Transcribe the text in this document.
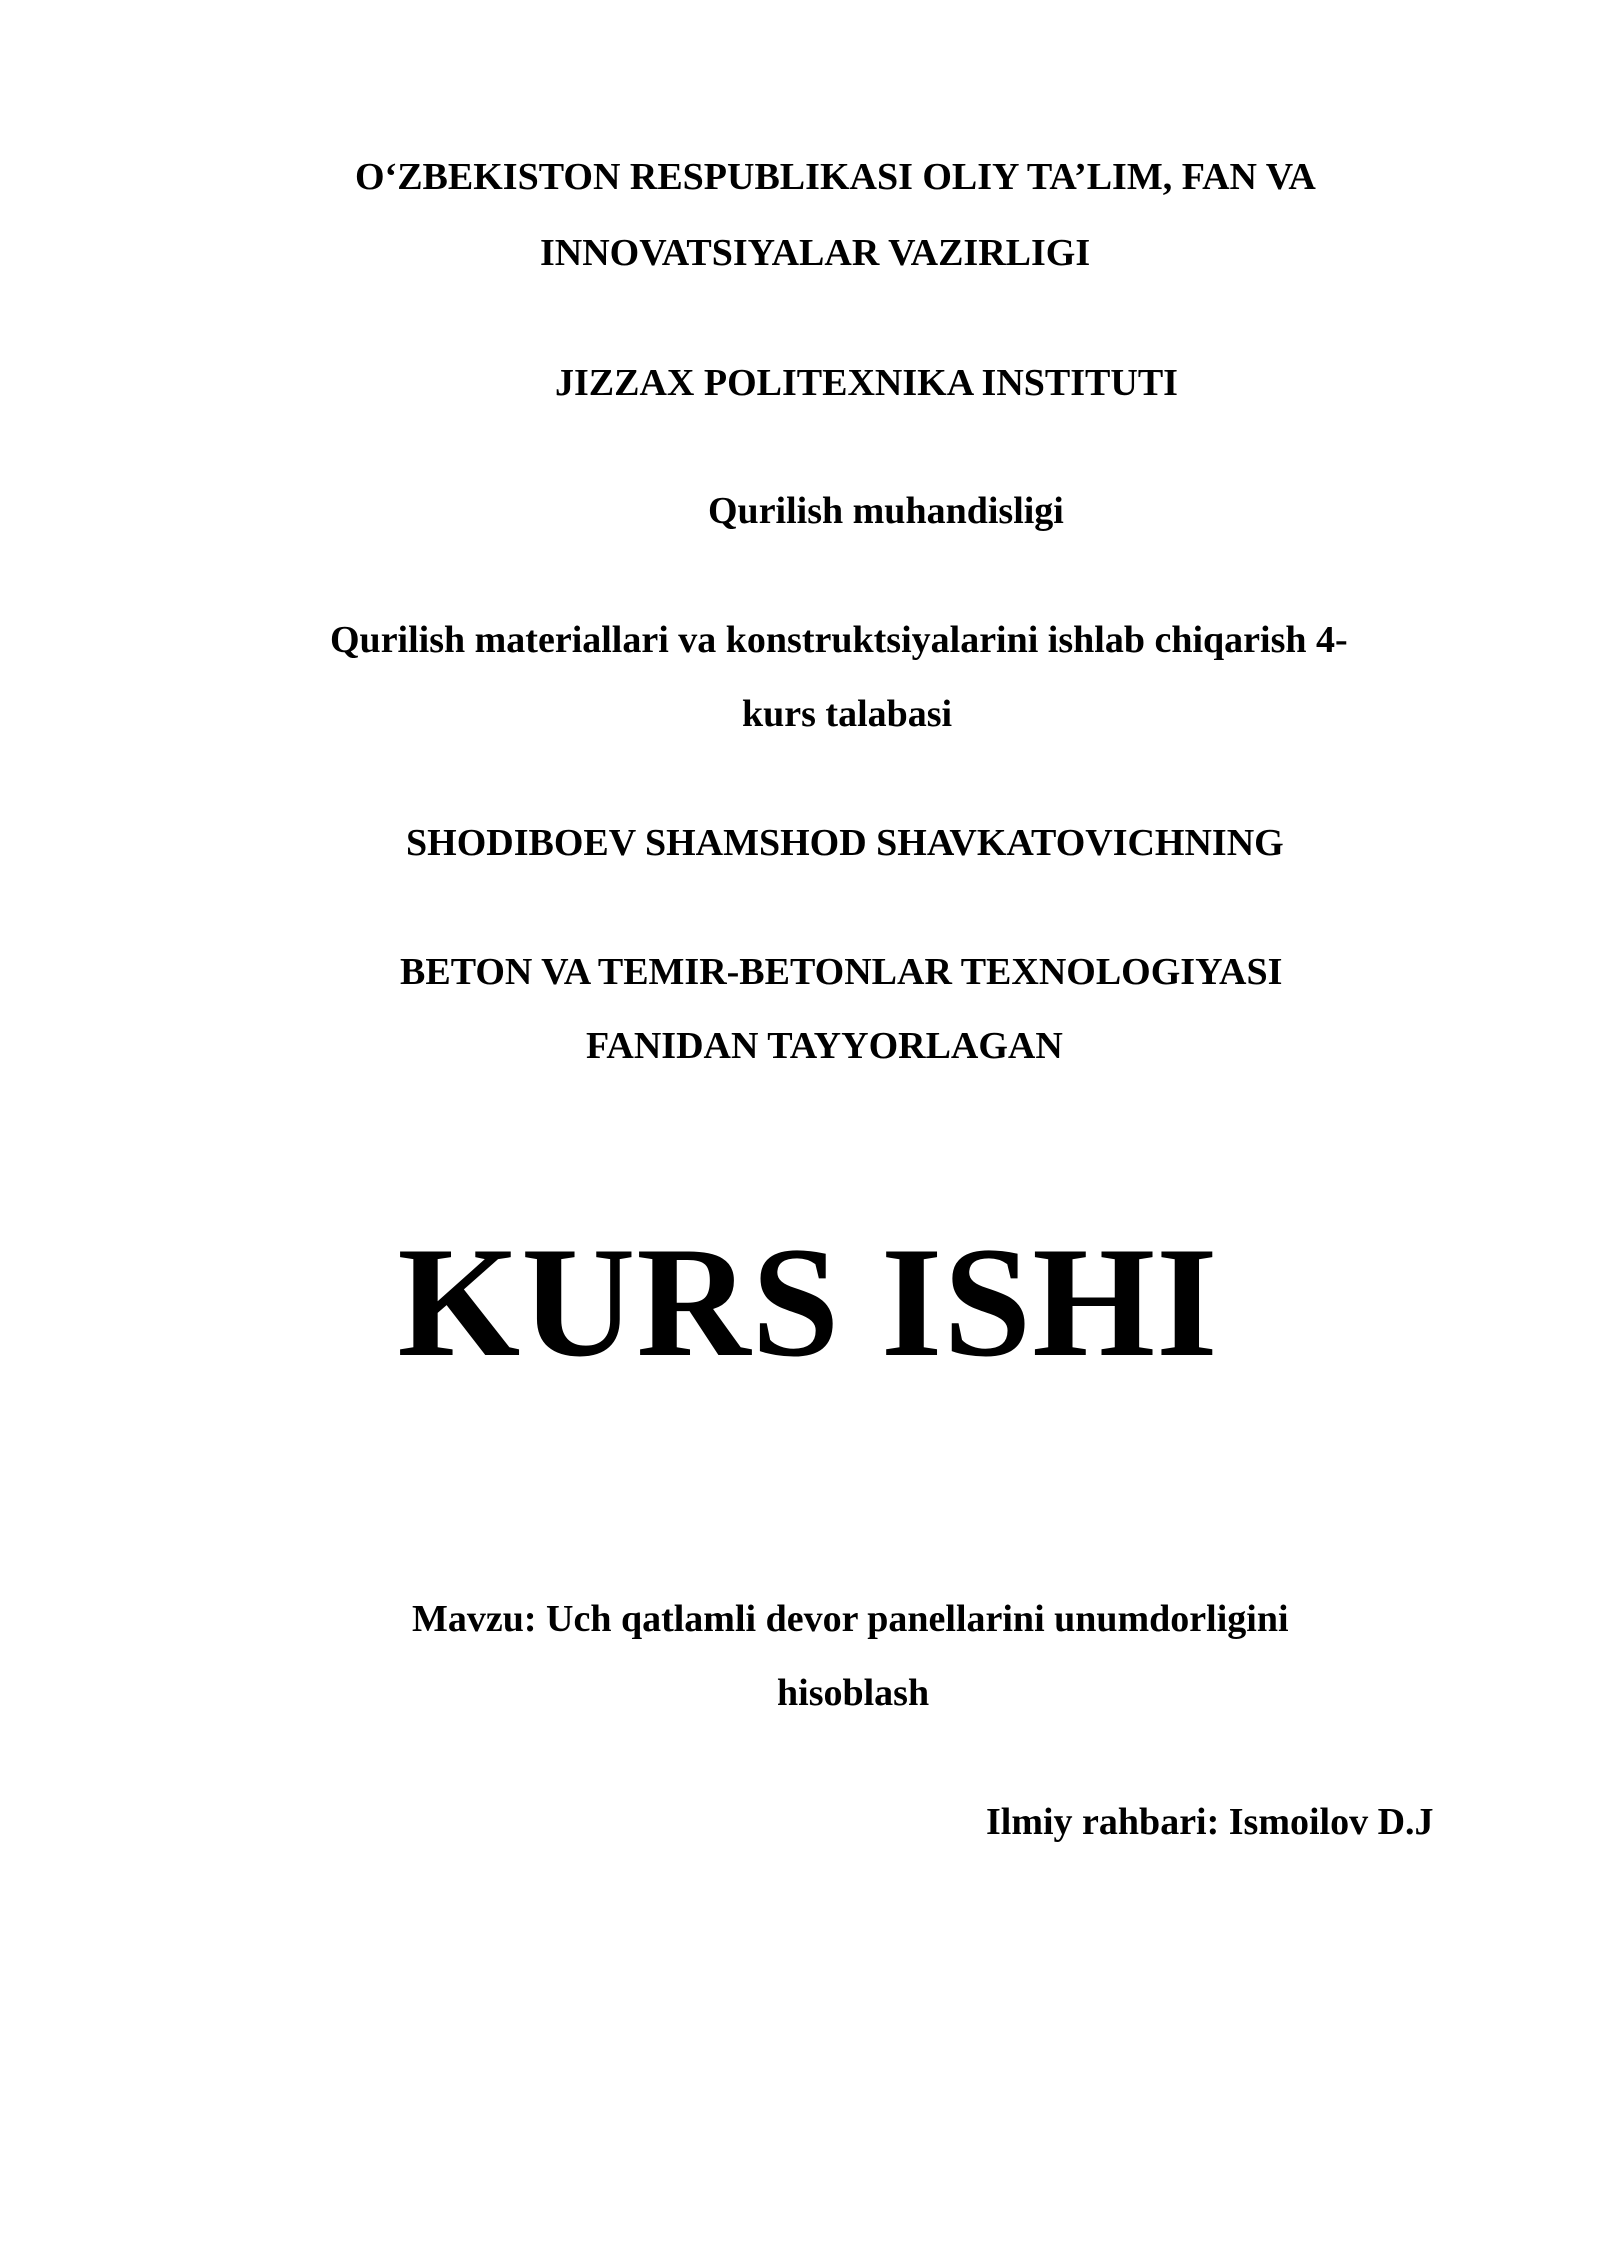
O‘ZBEKISTON RESPUBLIKASI OLIY TA’LIM, FAN VA
INNOVATSIYALAR VAZIRLIGI
JIZZAX POLITEXNIKA INSTITUTI
Qurilish muhandisligi
Qurilish materiallari va konstruktsiyalarini ishlab chiqarish 4-
kurs talabasi
SHODIBOEV SHAMSHOD SHAVKATOVICHNING
BETON VA TEMIR-BETONLAR TEXNOLOGIYASI
FANIDAN TAYYORLAGAN
KURS ISHI
Mavzu: Uch qatlamli devor panellarini unumdorligini
hisoblash
Ilmiy rahbari: Ismoilov D.J
